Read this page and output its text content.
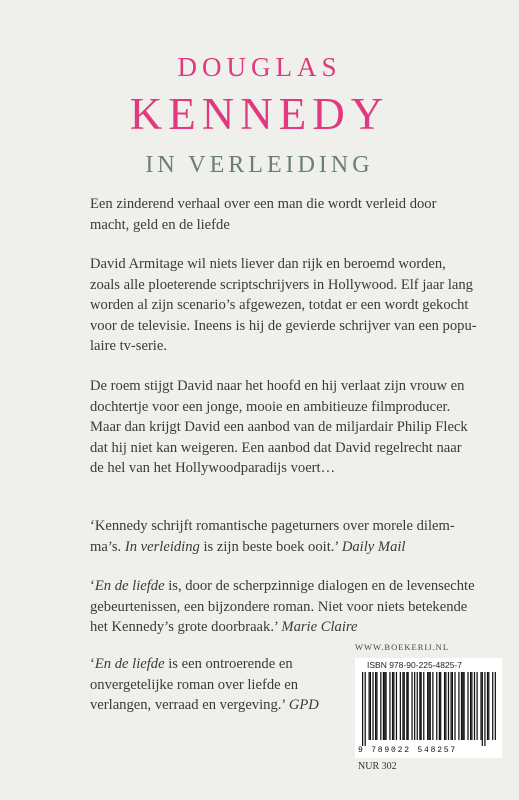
DOUGLAS
KENNEDY
IN VERLEIDING
Een zinderend verhaal over een man die wordt verleid door
macht, geld en de liefde
David Armitage wil niets liever dan rijk en beroemd worden,
zoals alle ploeterende scriptschrijvers in Hollywood. Elf jaar lang
worden al zijn scenario’s afgewezen, totdat er een wordt gekocht
voor de televisie. Ineens is hij de gevierde schrijver van een popu-
laire tv-serie.
De roem stijgt David naar het hoofd en hij verlaat zijn vrouw en
dochtertje voor een jonge, mooie en ambitieuze filmproducer.
Maar dan krijgt David een aanbod van de miljardair Philip Fleck
dat hij niet kan weigeren. Een aanbod dat David regelrecht naar
de hel van het Hollywoodparadijs voert…
‘Kennedy schrijft romantische pageturners over morele dilem-
ma’s. In verleiding is zijn beste boek ooit.’ Daily Mail
‘En de liefde is, door de scherpzinnige dialogen en de levensechte
gebeurtenissen, een bijzondere roman. Niet voor niets betekende
het Kennedy’s grote doorbraak.’ Marie Claire
‘En de liefde is een ontroerende en
onvergetelijke roman over liefde en
verlangen, verraad en vergeving.’ GPD
WWW.BOEKERIJ.NL
ISBN 978-90-225-4825-7
9 789022 548257
NUR 302
